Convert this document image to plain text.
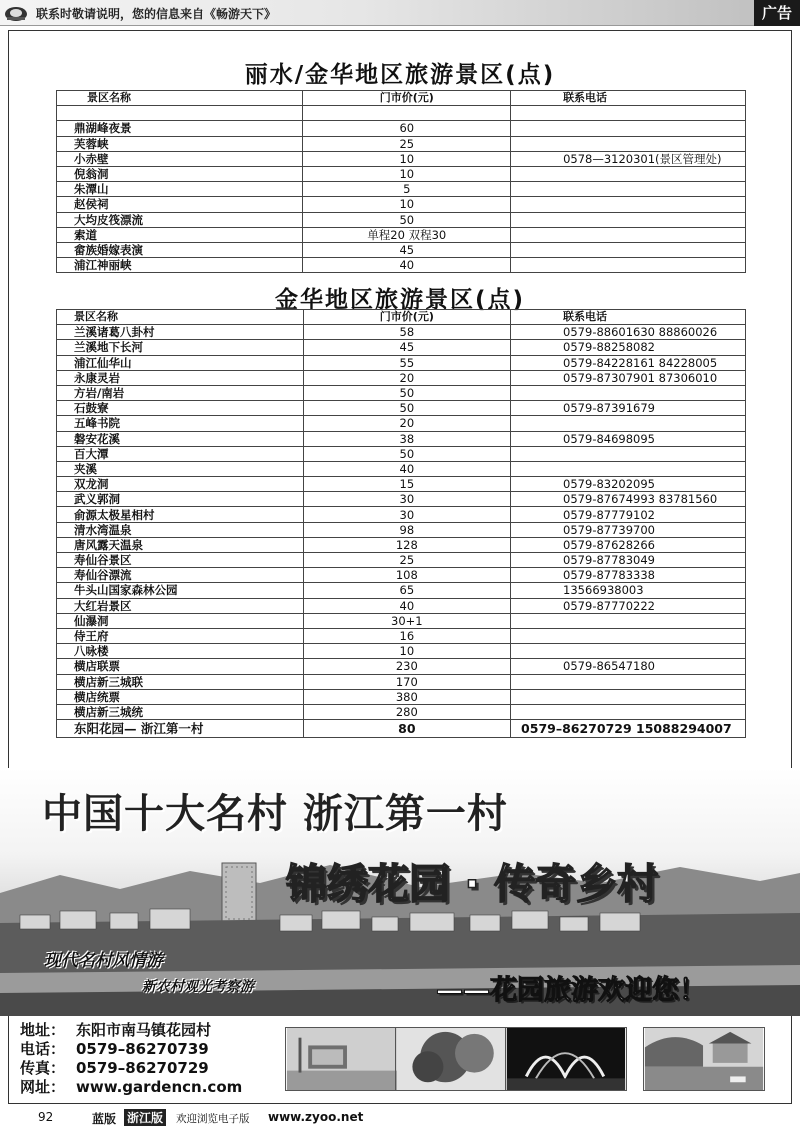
联系时敬请说明，您的信息来自《畅游天下》	广告
丽水/金华地区旅游景区(点)
景区名称	门市价(元)	联系电话

鼎湖峰夜景	60	
芙蓉峡	25	
小赤壁	10	0578—3120301(景区管理处)
倪翁洞	10	
朱潭山	5	
赵侯祠	10	
大均皮筏漂流	50	
索道	单程20 双程30	
畲族婚嫁表演	45	
浦江神丽峡	40	
金华地区旅游景区(点)
景区名称	门市价(元)	联系电话
兰溪诸葛八卦村	58	0579-88601630 88860026
兰溪地下长河	45	0579-88258082
浦江仙华山	55	0579-84228161 84228005
永康灵岩	20	0579-87307901 87306010
方岩/南岩	50	
石鼓寮	50	0579-87391679
五峰书院	20	
磐安花溪	38	0579-84698095
百大潭	50	
夹溪	40	
双龙洞	15	0579-83202095
武义郭洞	30	0579-87674993 83781560
俞源太极星相村	30	0579-87779102
清水湾温泉	98	0579-87739700
唐风露天温泉	128	0579-87628266
寿仙谷景区	25	0579-87783049
寿仙谷漂流	108	0579-87783338
牛头山国家森林公园	65	13566938003
大红岩景区	40	0579-87770222
仙瀑洞	30+1	
侍王府	16	
八咏楼	10	
横店联票	230	0579-86547180
横店新三城联	170	
横店统票	380	
横店新三城统	280	
东阳花园— 浙江第一村	80	0579–86270729 15088294007
中国十大名村 浙江第一村
锦绣花园 · 传奇乡村
现代名村风情游
新农村观光考察游	——花园旅游欢迎您！
地址： 东阳市南马镇花园村
电话： 0579–86270739
传真： 0579–86270729
网址： www.gardencn.com
92	蓝版 浙江版 欢迎浏览电子版 www.zyoo.net
